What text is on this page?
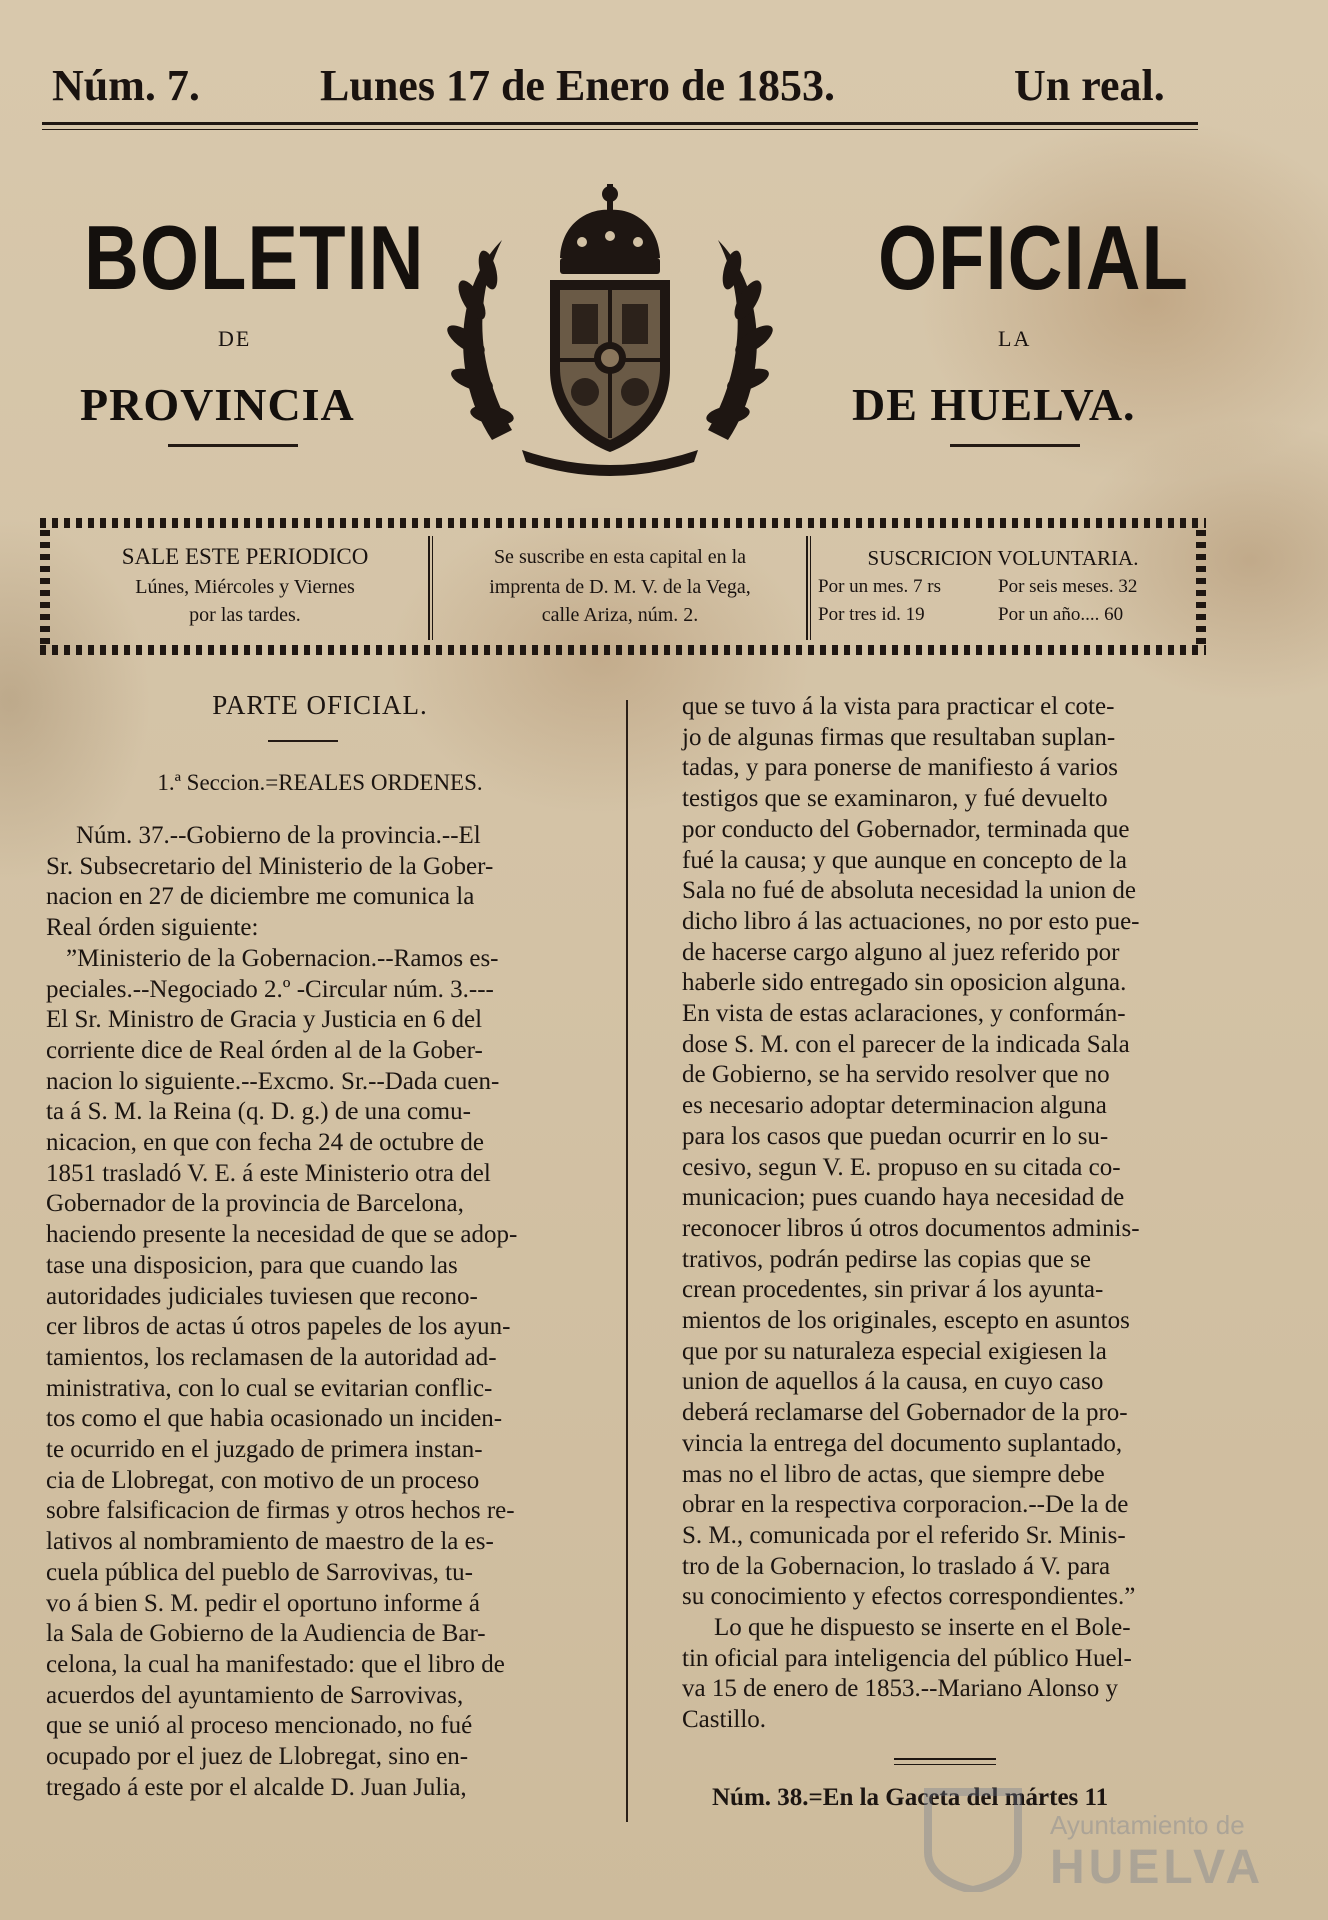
Núm. 7.	Lunes 17 de Enero de 1853.	Un real.
BOLETIN
DE
PROVINCIA
OFICIAL
LA
DE HUELVA.
SALE ESTE PERIODICO
Lúnes, Miércoles y Viernes
por las tardes.
Se suscribe en esta capital en la
imprenta de D. M. V. de la Vega,
calle Ariza, núm. 2.
SUSCRICION VOLUNTARIA.
Por un mes. 7 rs	Por seis meses. 32
Por tres id. 19	Por un año.... 60
PARTE OFICIAL.
1.ª Seccion.=REALES ORDENES.
Núm. 37.--Gobierno de la provincia.--El
Sr. Subsecretario del Ministerio de la Gober-
nacion en 27 de diciembre me comunica la
Real órden siguiente:
”Ministerio de la Gobernacion.--Ramos es-
peciales.--Negociado 2.º -Circular núm. 3.---
El Sr. Ministro de Gracia y Justicia en 6 del
corriente dice de Real órden al de la Gober-
nacion lo siguiente.--Excmo. Sr.--Dada cuen-
ta á S. M. la Reina (q. D. g.) de una comu-
nicacion, en que con fecha 24 de octubre de
1851 trasladó V. E. á este Ministerio otra del
Gobernador de la provincia de Barcelona,
haciendo presente la necesidad de que se adop-
tase una disposicion, para que cuando las
autoridades judiciales tuviesen que recono-
cer libros de actas ú otros papeles de los ayun-
tamientos, los reclamasen de la autoridad ad-
ministrativa, con lo cual se evitarian conflic-
tos como el que habia ocasionado un inciden-
te ocurrido en el juzgado de primera instan-
cia de Llobregat, con motivo de un proceso
sobre falsificacion de firmas y otros hechos re-
lativos al nombramiento de maestro de la es-
cuela pública del pueblo de Sarrovivas, tu-
vo á bien S. M. pedir el oportuno informe á
la Sala de Gobierno de la Audiencia de Bar-
celona, la cual ha manifestado: que el libro de
acuerdos del ayuntamiento de Sarrovivas,
que se unió al proceso mencionado, no fué
ocupado por el juez de Llobregat, sino en-
tregado á este por el alcalde D. Juan Julia,
que se tuvo á la vista para practicar el cote-
jo de algunas firmas que resultaban suplan-
tadas, y para ponerse de manifiesto á varios
testigos que se examinaron, y fué devuelto
por conducto del Gobernador, terminada que
fué la causa; y que aunque en concepto de la
Sala no fué de absoluta necesidad la union de
dicho libro á las actuaciones, no por esto pue-
de hacerse cargo alguno al juez referido por
haberle sido entregado sin oposicion alguna.
En vista de estas aclaraciones, y conformán-
dose S. M. con el parecer de la indicada Sala
de Gobierno, se ha servido resolver que no
es necesario adoptar determinacion alguna
para los casos que puedan ocurrir en lo su-
cesivo, segun V. E. propuso en su citada co-
municacion; pues cuando haya necesidad de
reconocer libros ú otros documentos adminis-
trativos, podrán pedirse las copias que se
crean procedentes, sin privar á los ayunta-
mientos de los originales, escepto en asuntos
que por su naturaleza especial exigiesen la
union de aquellos á la causa, en cuyo caso
deberá reclamarse del Gobernador de la pro-
vincia la entrega del documento suplantado,
mas no el libro de actas, que siempre debe
obrar en la respectiva corporacion.--De la de
S. M., comunicada por el referido Sr. Minis-
tro de la Gobernacion, lo traslado á V. para
su conocimiento y efectos correspondientes.”
Lo que he dispuesto se inserte en el Bole-
tin oficial para inteligencia del público Huel-
va 15 de enero de 1853.--Mariano Alonso y
Castillo.
Núm. 38.=En la Gaceta del mártes 11
Ayuntamiento de
HUELVA
